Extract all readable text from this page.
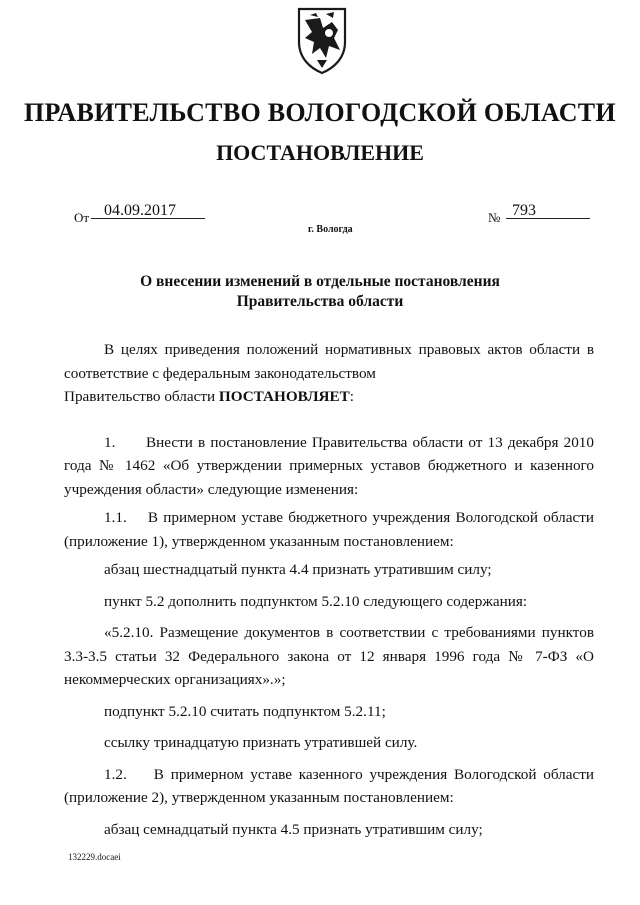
ПРАВИТЕЛЬСТВО ВОЛОГОДСКОЙ ОБЛАСТИ
ПОСТАНОВЛЕНИЕ
От 04.09.2017	№ 793
г. Вологда
О внесении изменений в отдельные постановления
Правительства области

В целях приведения положений нормативных правовых актов области в соответствие с федеральным законодательством

Правительство области ПОСТАНОВЛЯЕТ:

1.      Внести в постановление Правительства области от 13 декабря 2010 года № 1462 «Об утверждении примерных уставов бюджетного и казенного учреждения области» следующие изменения:

1.1.    В примерном уставе бюджетного учреждения Вологодской области (приложение 1), утвержденном указанным постановлением:

абзац шестнадцатый пункта 4.4 признать утратившим силу;

пункт 5.2 дополнить подпунктом 5.2.10 следующего содержания:

«5.2.10. Размещение документов в соответствии с требованиями пунктов 3.3-3.5 статьи 32 Федерального закона от 12 января 1996 года № 7-ФЗ «О некоммерческих организациях».»;

подпункт 5.2.10 считать подпунктом 5.2.11;

ссылку тринадцатую признать утратившей силу.

1.2.    В примерном уставе казенного учреждения Вологодской области (приложение 2), утвержденном указанным постановлением:

абзац семнадцатый пункта 4.5 признать утратившим силу;

132229.docaei
